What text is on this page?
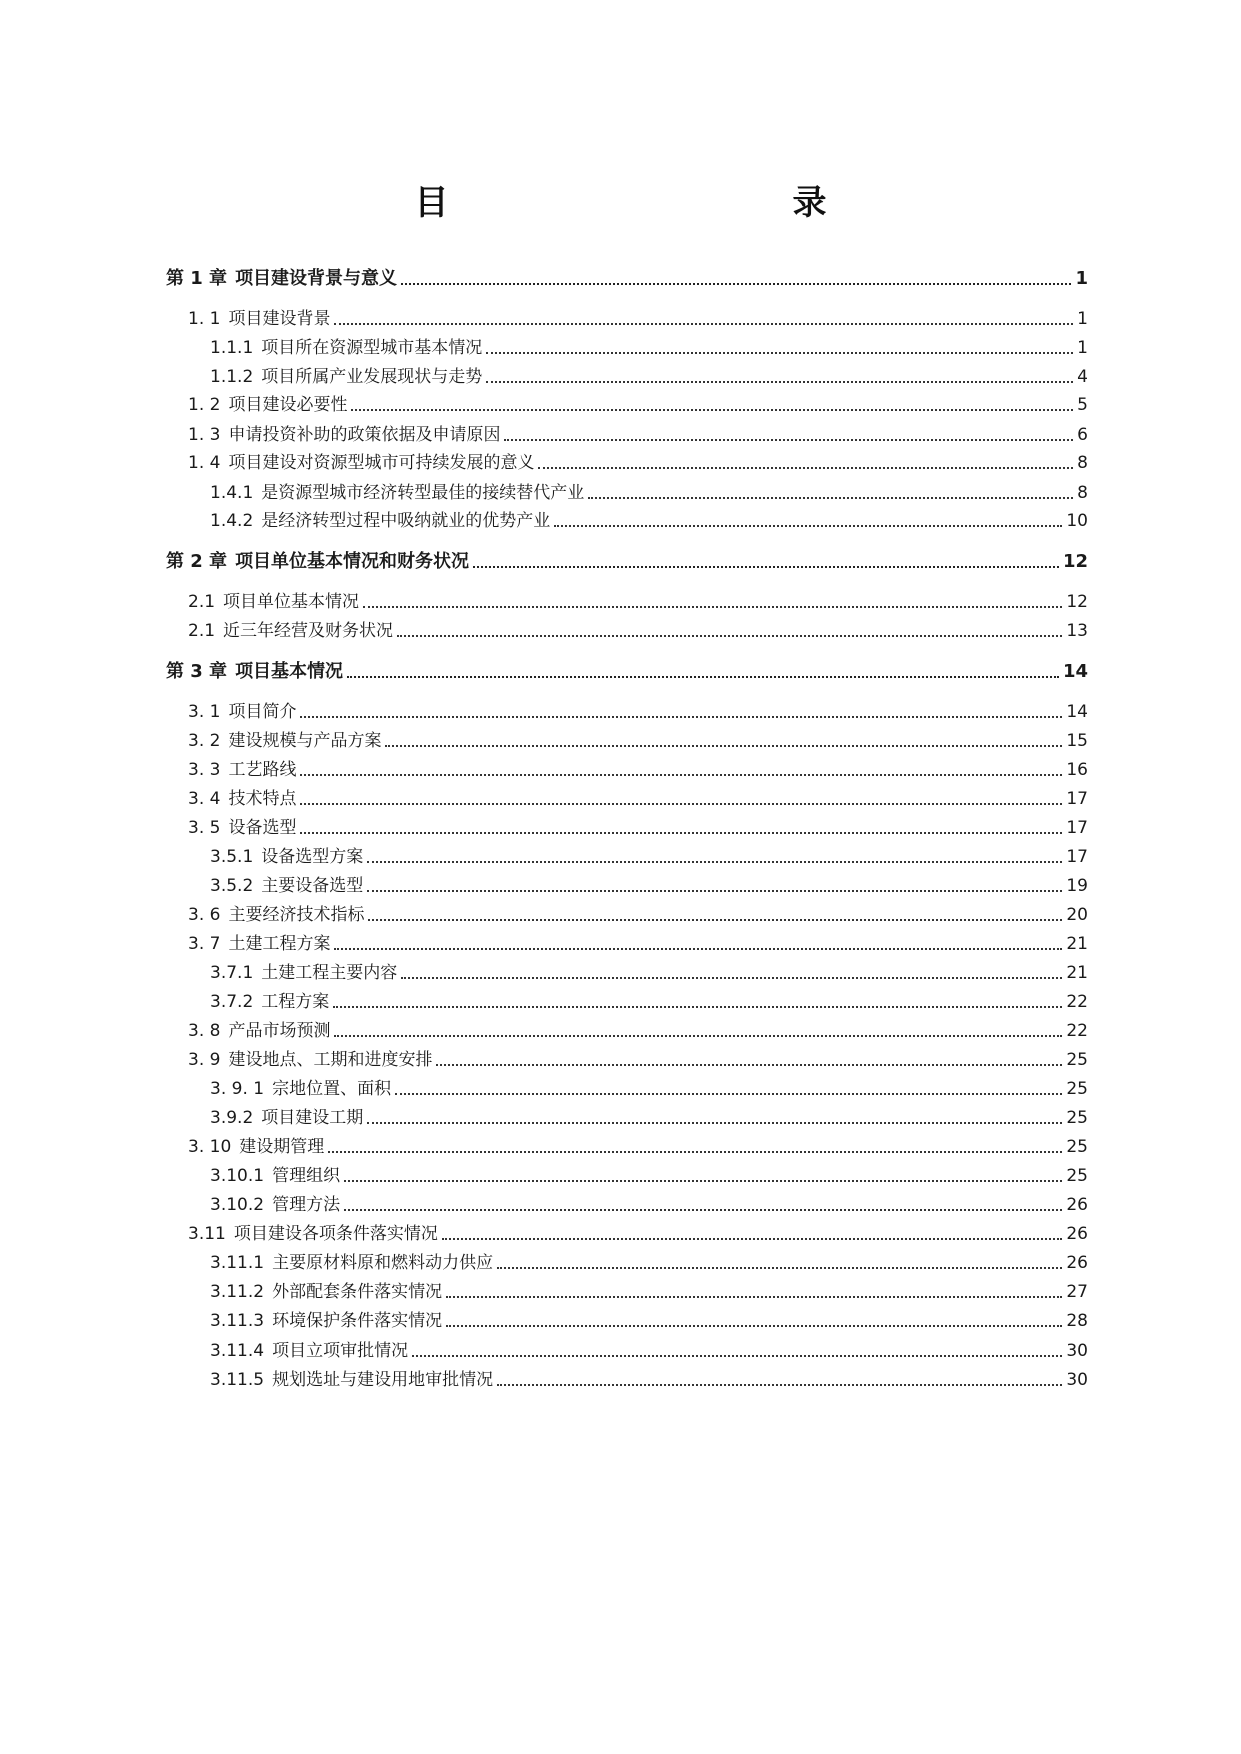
目　　录
第 1 章 项目建设背景与意义	1
1. 1 项目建设背景	1
1.1.1 项目所在资源型城市基本情况	1
1.1.2 项目所属产业发展现状与走势	4
1. 2 项目建设必要性	5
1. 3 申请投资补助的政策依据及申请原因	6
1. 4 项目建设对资源型城市可持续发展的意义	8
1.4.1 是资源型城市经济转型最佳的接续替代产业	8
1.4.2 是经济转型过程中吸纳就业的优势产业	10
第 2 章 项目单位基本情况和财务状况	12
2.1 项目单位基本情况	12
2.1 近三年经营及财务状况	13
第 3 章 项目基本情况	14
3. 1 项目简介	14
3. 2 建设规模与产品方案	15
3. 3 工艺路线	16
3. 4 技术特点	17
3. 5 设备选型	17
3.5.1 设备选型方案	17
3.5.2 主要设备选型	19
3. 6 主要经济技术指标	20
3. 7 土建工程方案	21
3.7.1 土建工程主要内容	21
3.7.2 工程方案	22
3. 8 产品市场预测	22
3. 9 建设地点、工期和进度安排	25
3. 9. 1 宗地位置、面积	25
3.9.2 项目建设工期	25
3. 10 建设期管理	25
3.10.1 管理组织	25
3.10.2 管理方法	26
3.11 项目建设各项条件落实情况	26
3.11.1 主要原材料原和燃料动力供应	26
3.11.2 外部配套条件落实情况	27
3.11.3 环境保护条件落实情况	28
3.11.4 项目立项审批情况	30
3.11.5 规划选址与建设用地审批情况	30
